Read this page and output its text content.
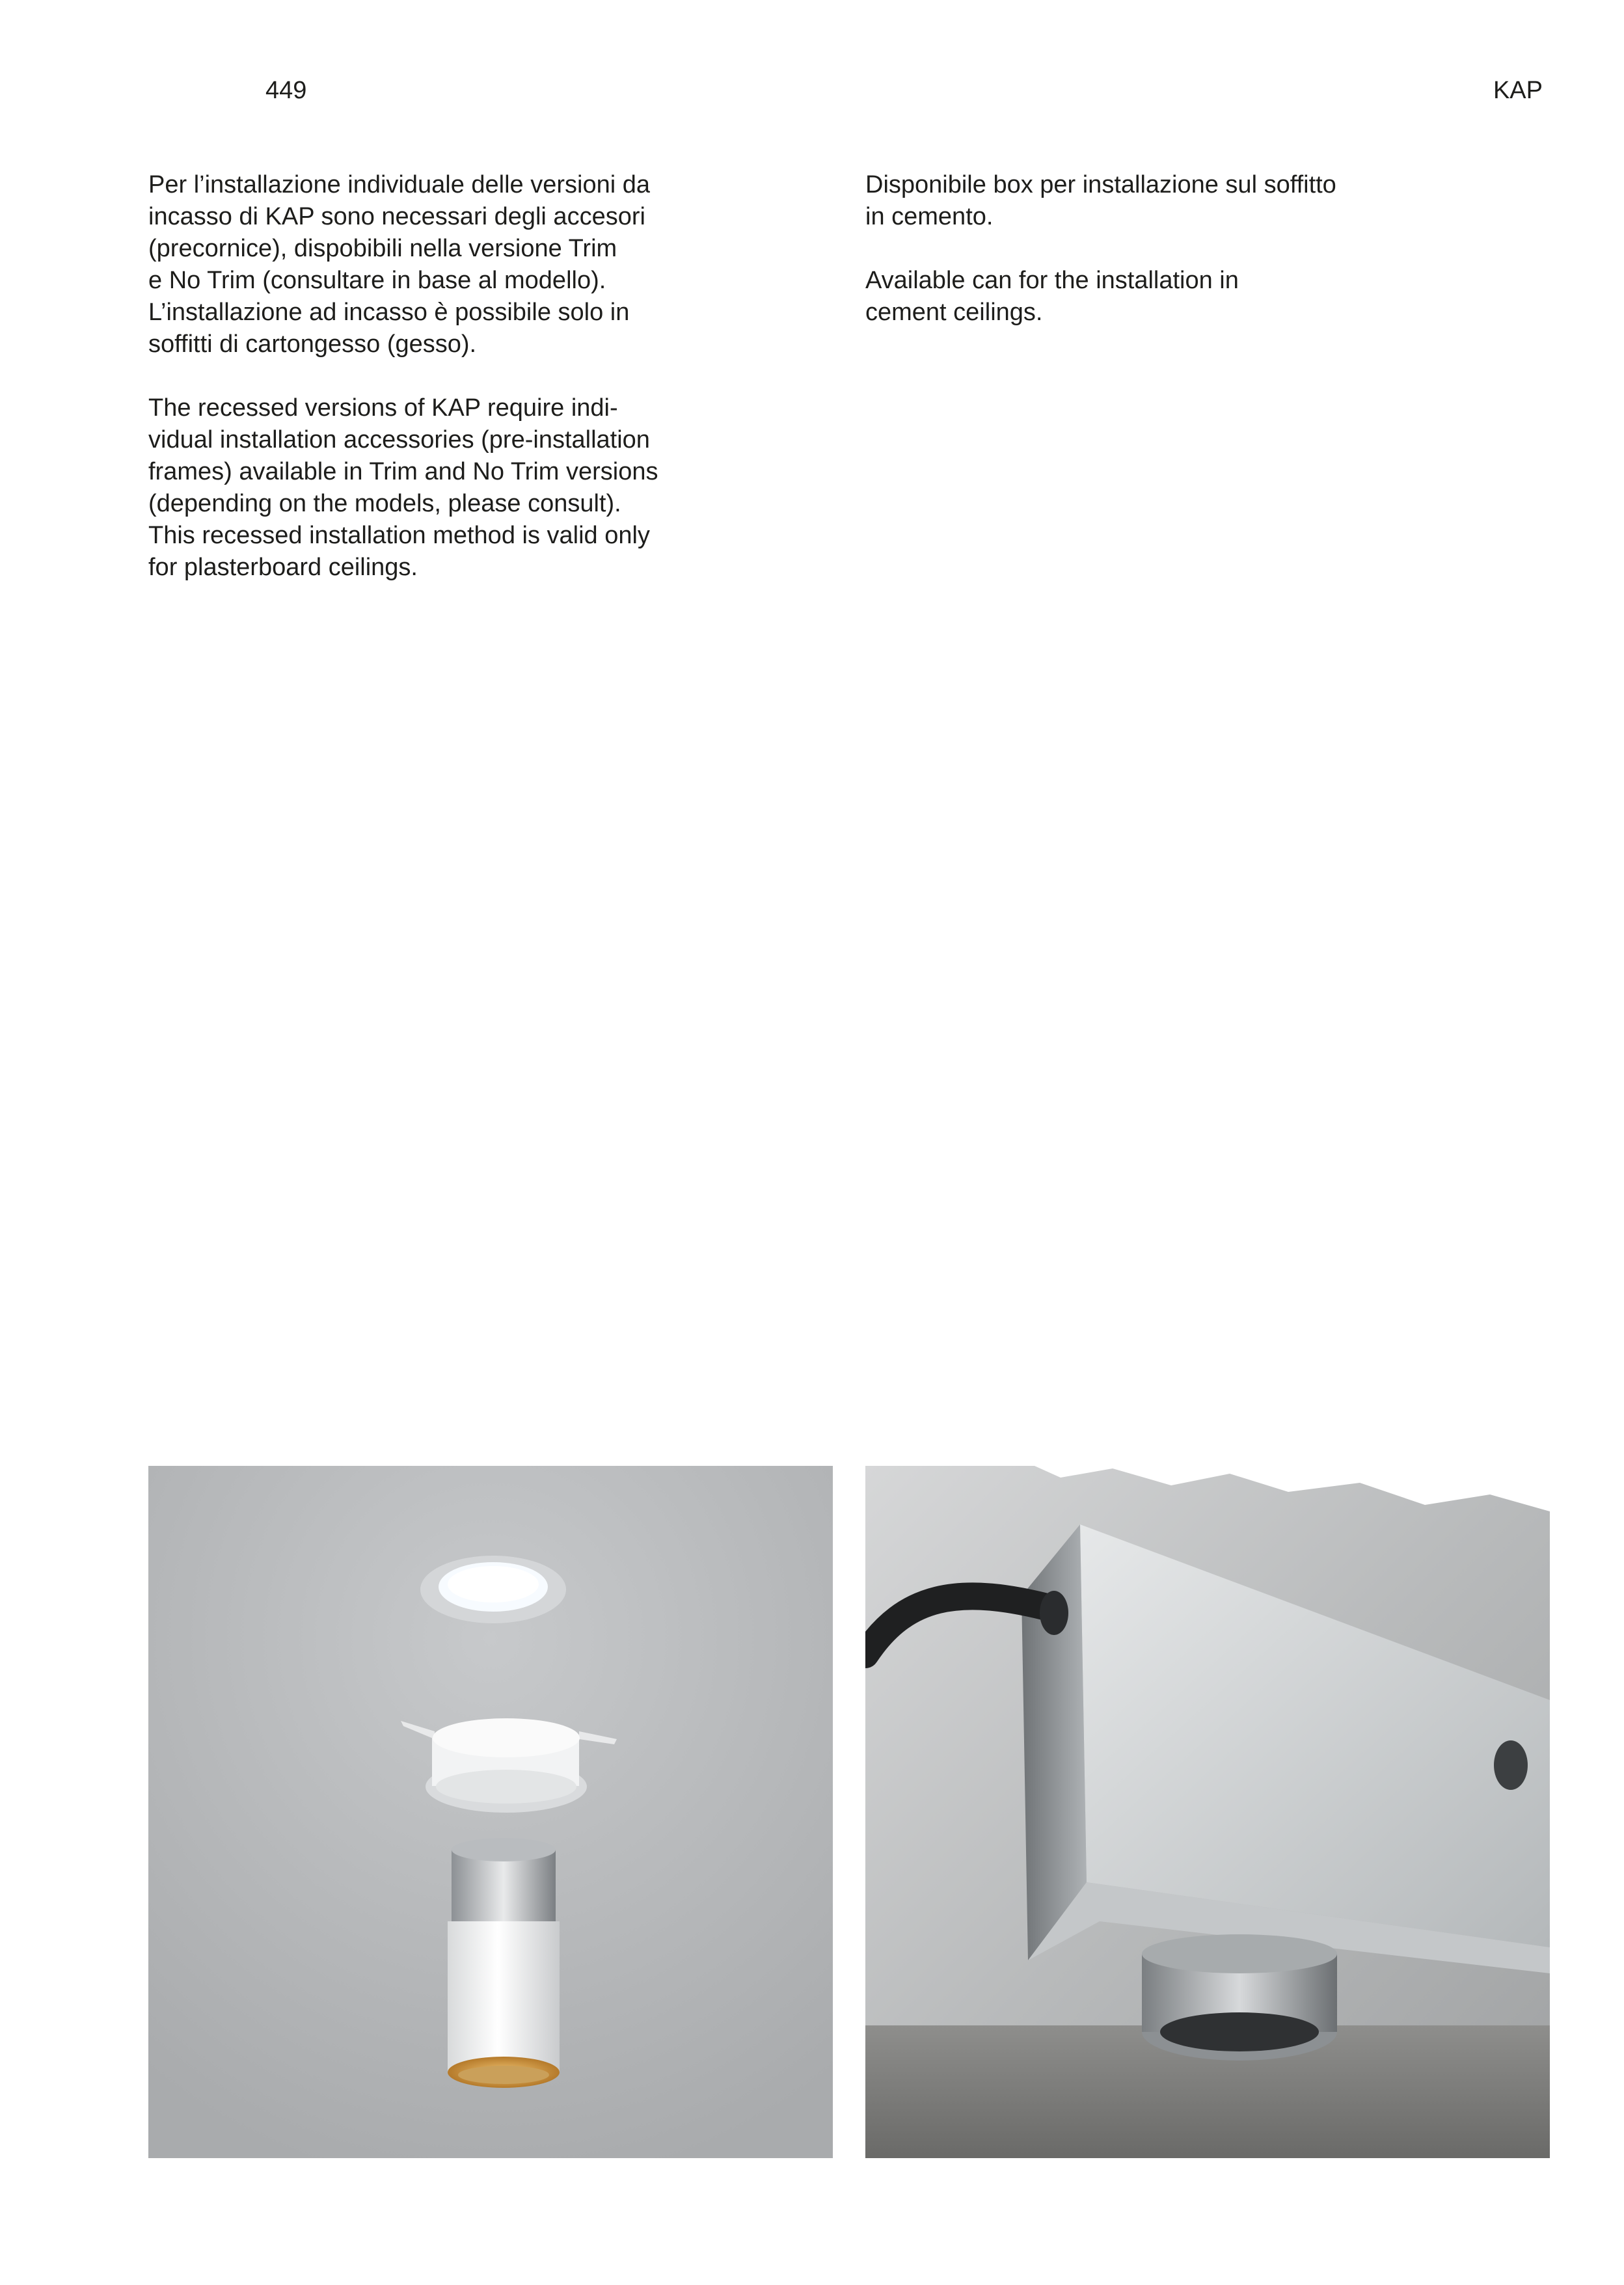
449	KAP

Per l’installazione individuale delle versioni da
incasso di KAP sono necessari degli accesori
(precornice), dispobibili nella versione Trim
e No Trim (consultare in base al modello).
L’installazione ad incasso è possibile solo in
soffitti di cartongesso (gesso).

The recessed versions of KAP require indi-
vidual installation accessories (pre-installation
frames) available in Trim and No Trim versions
(depending on the models, please consult).
This recessed installation method is valid only
for plasterboard ceilings.

Disponibile box per installazione sul soffitto
in cemento.

Available can for the installation in
cement ceilings.
